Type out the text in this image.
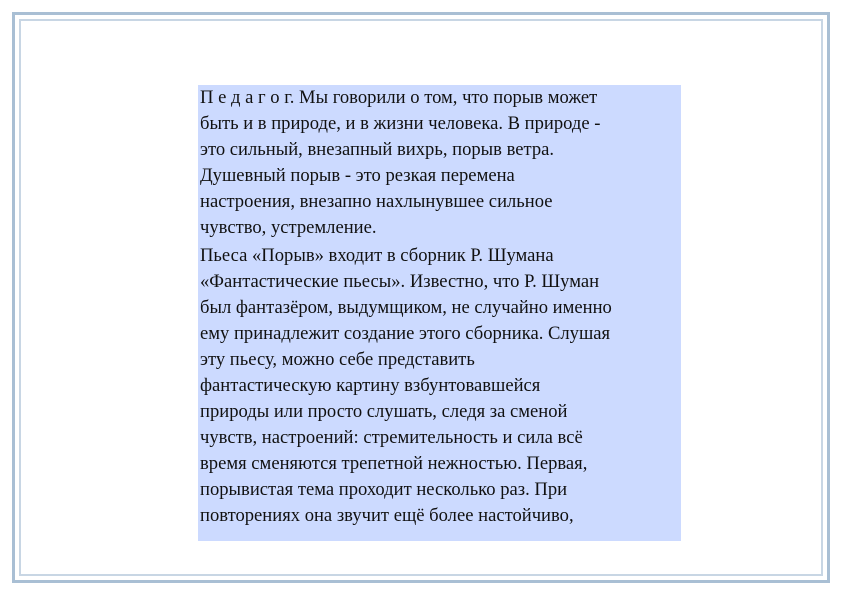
П е д а г о г. Мы говорили о том, что порыв может
быть и в природе, и в жизни человека. В природе -
это сильный, внезапный вихрь, порыв ветра.
Душевный порыв - это резкая перемена
настроения, внезапно нахлынувшее сильное
чувство, устремление.

Пьеса «Порыв» входит в сборник Р. Шумана
«Фантастические пьесы». Известно, что Р. Шуман
был фантазёром, выдумщиком, не случайно именно
ему принадлежит создание этого сборника. Слушая
эту пьесу, можно себе представить
фантастическую картину взбунтовавшейся
природы или просто слушать, следя за сменой
чувств, настроений: стремительность и сила всё
время сменяются трепетной нежностью. Первая,
порывистая тема проходит несколько раз. При
повторениях она звучит ещё более настойчиво,
